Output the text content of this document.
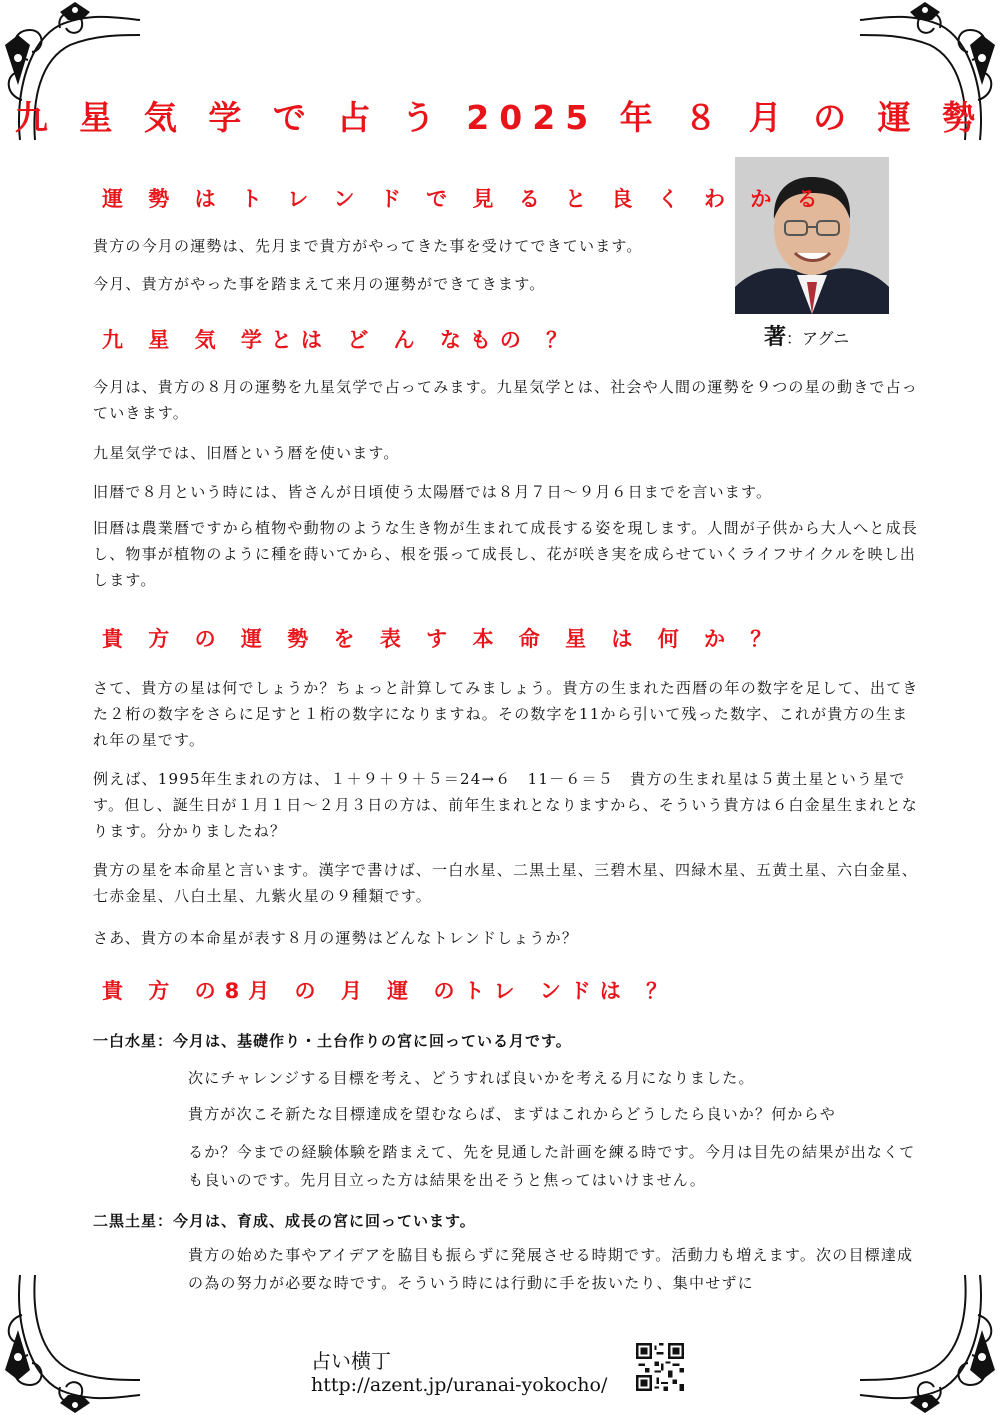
九 星 気 学 で 占 う 2025 年 ８ 月 の 運 勢
著：アグニ
運 勢 は ト レ ン ド で 見 る と 良 く わ か る
貴方の今月の運勢は、先月まで貴方がやってきた事を受けてできています。
今月、貴方がやった事を踏まえて来月の運勢ができてきます。
九 星 気 学とは ど ん なもの ？
今月は、貴方の８月の運勢を九星気学で占ってみます。九星気学とは、社会や人間の運勢を９つの星の動きで占っていきます。
九星気学では、旧暦という暦を使います。
旧暦で８月という時には、皆さんが日頃使う太陽暦では８月７日～９月６日までを言います。
旧暦は農業暦ですから植物や動物のような生き物が生まれて成長する姿を現します。人間が子供から大人へと成長し、物事が植物のように種を蒔いてから、根を張って成長し、花が咲き実を成らせていくライフサイクルを映し出します。
貴 方 の 運 勢 を 表 す 本 命 星 は 何 か ？
さて、貴方の星は何でしょうか？ちょっと計算してみましょう。貴方の生まれた西暦の年の数字を足して、出てきた２桁の数字をさらに足すと１桁の数字になりますね。その数字を11から引いて残った数字、これが貴方の生まれ年の星です。
例えば、1995年生まれの方は、１＋９＋９＋５＝24→６　11－６＝５　貴方の生まれ星は５黄土星という星です。但し、誕生日が１月１日～２月３日の方は、前年生まれとなりますから、そういう貴方は６白金星生まれとなります。分かりましたね？
貴方の星を本命星と言います。漢字で書けば、一白水星、二黒土星、三碧木星、四緑木星、五黄土星、六白金星、七赤金星、八白土星、九紫火星の９種類です。
さあ、貴方の本命星が表す８月の運勢はどんなトレンドしょうか？
貴 方 の8月 の 月 運 のトレ ンドは ？
一白水星：今月は、基礎作り・土台作りの宮に回っている月です。
次にチャレンジする目標を考え、どうすれば良いかを考える月になりました。
貴方が次こそ新たな目標達成を望むならば、まずはこれからどうしたら良いか？何からや
るか？今までの経験体験を踏まえて、先を見通した計画を練る時です。今月は目先の結果が出なくても良いのです。先月目立った方は結果を出そうと焦ってはいけません。
二黒土星：今月は、育成、成長の宮に回っています。
貴方の始めた事やアイデアを脇目も振らずに発展させる時期です。活動力も増えます。次の目標達成の為の努力が必要な時です。そういう時には行動に手を抜いたり、集中せずに
占い横丁
http://azent.jp/uranai-yokocho/
